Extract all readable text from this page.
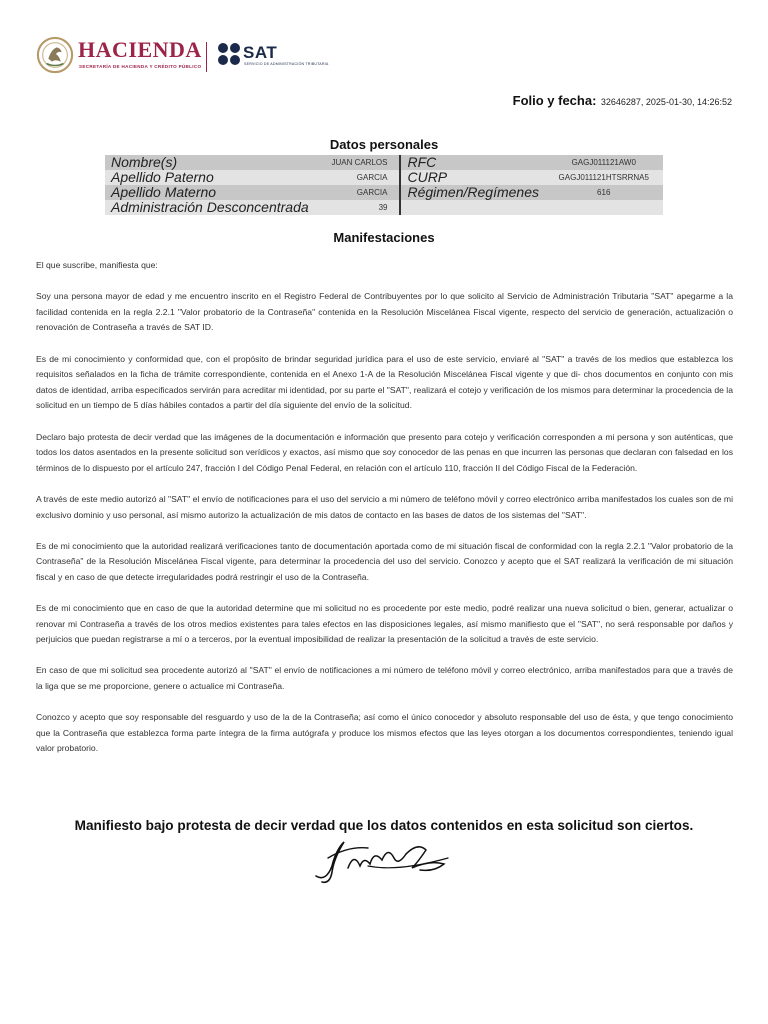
HACIENDA
SECRETARÍA DE HACIENDA Y CRÉDITO PÚBLICO
SAT
SERVICIO DE ADMINISTRACIÓN TRIBUTARIA
Folio y fecha: 32646287, 2025-01-30, 14:26:52
Datos personales
Nombre(s)	JUAN CARLOS	RFC	GAGJ011121AW0
Apellido Paterno	GARCIA	CURP	GAGJ011121HTSRRNA5
Apellido Materno	GARCIA	Régimen/Regímenes	616
Administración Desconcentrada	39		
Manifestaciones

El que suscribe, manifiesta que:

Soy una persona mayor de edad y me encuentro inscrito en el Registro Federal de Contribuyentes por lo que solicito al Servicio de Administración Tributaria "SAT" apegarme a la facilidad contenida en la regla 2.2.1 "Valor probatorio de la Contraseña" contenida en la Resolución Miscelánea Fiscal vigente, respecto del servicio de generación, actualización o renovación de Contraseña a través de SAT ID.

Es de mi conocimiento y conformidad que, con el propósito de brindar seguridad jurídica para el uso de este servicio, enviaré al "SAT" a través de los medios que establezca los requisitos señalados en la ficha de trámite correspondiente, contenida en el Anexo 1-A de la Resolución Miscelánea Fiscal vigente y que di- chos documentos en conjunto con mis datos de identidad, arriba especificados servirán para acreditar mi identidad, por su parte el "SAT", realizará el cotejo y verificación de los mismos para determinar la procedencia de la solicitud en un tiempo de 5 días hábiles contados a partir del día siguiente del envío de la solicitud.

Declaro bajo protesta de decir verdad que las imágenes de la documentación e información que presento para cotejo y verificación corresponden a mi persona y son auténticas, que todos los datos asentados en la presente solicitud son verídicos y exactos, así mismo que soy conocedor de las penas en que incurren las personas que declaran con falsedad en los términos de lo dispuesto por el artículo 247, fracción I del Código Penal Federal, en relación con el artículo 110, fracción II del Código Fiscal de la Federación.

A través de este medio autorizó al "SAT" el envío de notificaciones para el uso del servicio a mi número de teléfono móvil y correo electrónico arriba manifestados los cuales son de mi exclusivo dominio y uso personal, así mismo autorizo la actualización de mis datos de contacto en las bases de datos de los sistemas del "SAT".

Es de mi conocimiento que la autoridad realizará verificaciones tanto de documentación aportada como de mi situación fiscal de conformidad con la regla 2.2.1 "Valor probatorio de la Contraseña" de la Resolución Miscelánea Fiscal vigente, para determinar la procedencia del uso del servicio. Conozco y acepto que el SAT realizará la verificación de mi situación fiscal y en caso de que detecte irregularidades podrá restringir el uso de la Contraseña.

Es de mi conocimiento que en caso de que la autoridad determine que mi solicitud no es procedente por este medio, podré realizar una nueva solicitud o bien, generar, actualizar o renovar mi Contraseña a través de los otros medios existentes para tales efectos en las disposiciones legales, así mismo manifiesto que el "SAT", no será responsable por daños y perjuicios que puedan registrarse a mí o a terceros, por la eventual imposibilidad de realizar la presentación de la solicitud a través de este servicio.

En caso de que mi solicitud sea procedente autorizó al "SAT" el envío de notificaciones a mi número de teléfono móvil y correo electrónico, arriba manifestados para que a través de la liga que se me proporcione, genere o actualice mi Contraseña.

Conozco y acepto que soy responsable del resguardo y uso de la de la Contraseña; así como el único conocedor y absoluto responsable del uso de ésta, y que tengo conocimiento que la Contraseña que establezca forma parte íntegra de la firma autógrafa y produce los mismos efectos que las leyes otorgan a los documentos correspondientes, teniendo igual valor probatorio.

Manifiesto bajo protesta de decir verdad que los datos contenidos en esta solicitud son ciertos.
